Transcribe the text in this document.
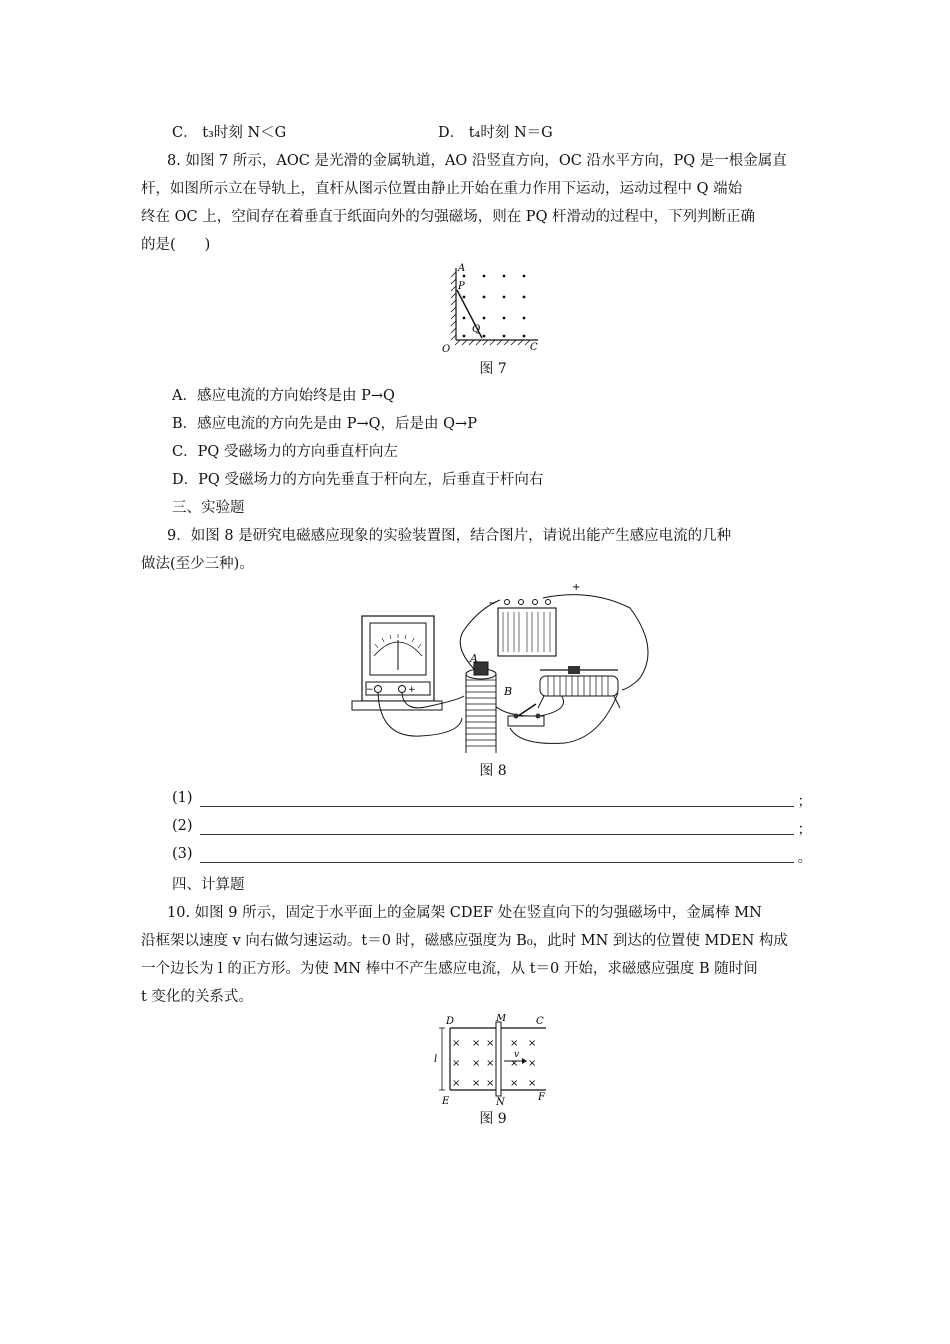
C． t₃时刻 N＜G	D． t₄时刻 N＝G
8. 如图 7 所示，AOC 是光滑的金属轨道，AO 沿竖直方向，OC 沿水平方向，PQ 是一根金属直
杆，如图所示立在导轨上，直杆从图示位置由静止开始在重力作用下运动，运动过程中 Q 端始
终在 OC 上，空间存在着垂直于纸面向外的匀强磁场，则在 PQ 杆滑动的过程中，下列判断正确
的是(　　)
A
P
Q
O	C
图 7
A．感应电流的方向始终是由 P→Q
B．感应电流的方向先是由 P→Q，后是由 Q→P
C．PQ 受磁场力的方向垂直杆向左
D．PQ 受磁场力的方向先垂直于杆向左，后垂直于杆向右
三、实验题
9．如图 8 是研究电磁感应现象的实验装置图，结合图片，请说出能产生感应电流的几种
做法(至少三种)。
−	+
A
B
−
+
图 8
(1)	；
(2)	；
(3)	。
四、计算题
10. 如图 9 所示，固定于水平面上的金属架 CDEF 处在竖直向下的匀强磁场中，金属棒 MN
沿框架以速度 v 向右做匀速运动。t＝0 时，磁感应强度为 B₀，此时 MN 到达的位置使 MDEN 构成
一个边长为 l 的正方形。为使 MN 棒中不产生感应电流，从 t＝0 开始，求磁感应强度 B 随时间
t 变化的关系式。
× × × × ×
× × × × ×
× × × × ×
v
D	M	C
l
E	N	F
图 9
